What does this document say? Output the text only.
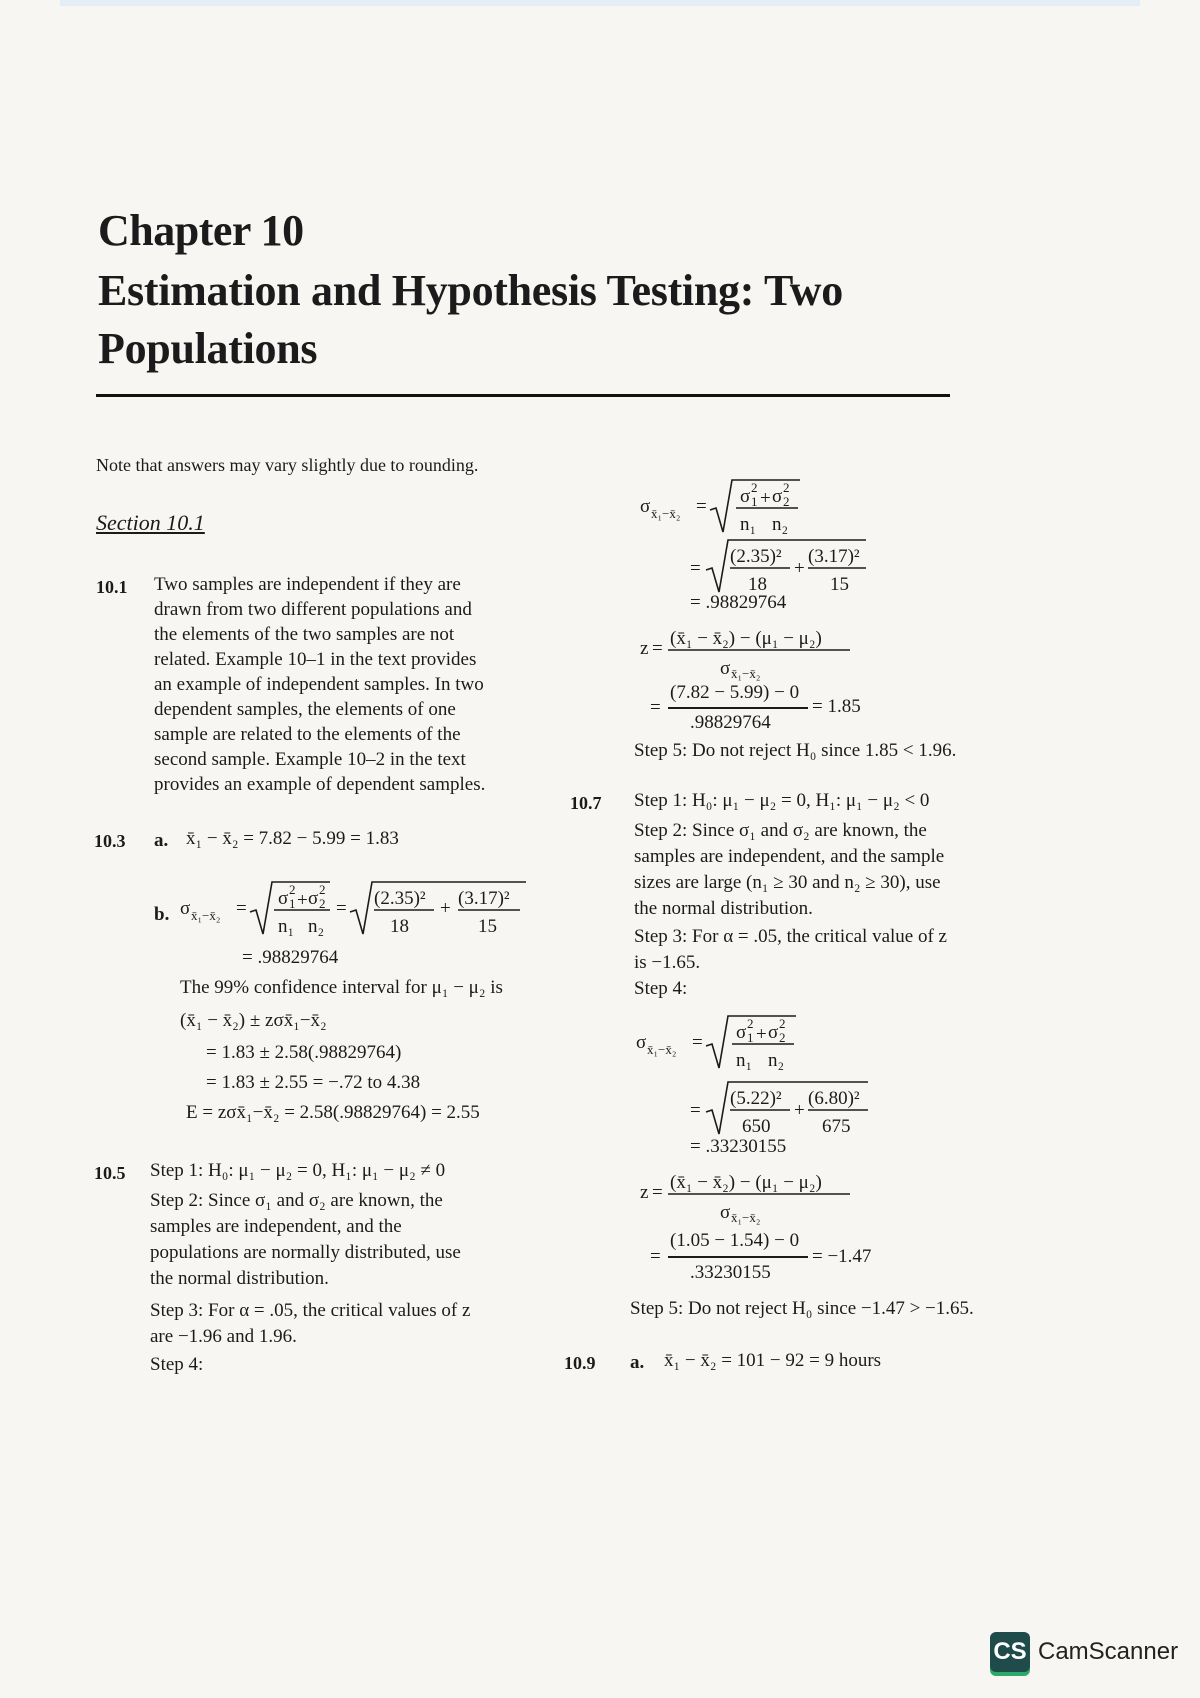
Chapter 10
Estimation and Hypothesis Testing: Two Populations

Note that answers may vary slightly due to rounding.

Section 10.1

10.1 Two samples are independent if they are

drawn from two different populations and

the elements of the two samples are not

related. Example 10–1 in the text provides

an example of independent samples. In two

dependent samples, the elements of one

sample are related to the elements of the

second sample. Example 10–2 in the text

provides an example of dependent samples.

10.3 a. x̄₁ − x̄₂ = 7.82 − 5.99 = 1.83

b. σ x̄₁−x̄₂ = σ 2
1 + σ 2
2
n₁ n₂
= (2.35)²
18
+ (3.17)²
15

= .98829764

The 99% confidence interval for μ₁ − μ₂ is

(x̄₁ − x̄₂) ± zσx̄₁−x̄₂

= 1.83 ± 2.58(.98829764)

= 1.83 ± 2.55 = −.72 to 4.38

E = zσx̄₁−x̄₂ = 2.58(.98829764) = 2.55

10.5 Step 1: H₀: μ₁ − μ₂ = 0, H₁: μ₁ − μ₂ ≠ 0

Step 2: Since σ₁ and σ₂ are known, the

samples are independent, and the

populations are normally distributed, use

the normal distribution.

Step 3: For α = .05, the critical values of z

are −1.96 and 1.96.

Step 4:

σ x̄₁−x̄₂ = σ 2
1 + σ 2
2
n₁ n₂
=
(2.35)²
18
+
(3.17)²
15

= .98829764

z = (x̄₁ − x̄₂) − (μ₁ − μ₂)
σ x̄₁−x̄₂

=

(7.82 − 5.99) − 0

.98829764

= 1.85

Step 5: Do not reject H₀ since 1.85 < 1.96.

10.7 Step 1: H₀: μ₁ − μ₂ = 0, H₁: μ₁ − μ₂ < 0

Step 2: Since σ₁ and σ₂ are known, the

samples are independent, and the sample

sizes are large (n₁ ≥ 30 and n₂ ≥ 30), use

the normal distribution.

Step 3: For α = .05, the critical value of z

is −1.65.

Step 4:

σ x̄₁−x̄₂ = σ 2
1 + σ 2
2
n₁ n₂
=
(5.22)²
650
+
(6.80)²
675

= .33230155

z = (x̄₁ − x̄₂) − (μ₁ − μ₂)
σ x̄₁−x̄₂

=

(1.05 − 1.54) − 0

.33230155

= −1.47

Step 5: Do not reject H₀ since −1.47 > −1.65.

10.9 a. x̄₁ − x̄₂ = 101 − 92 = 9 hours

CS CamScanner
